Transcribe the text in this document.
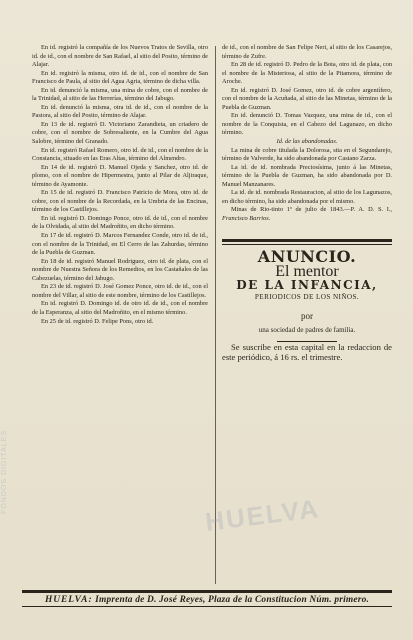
En id. registró la compañía de los Nuevos Tratos de Sevilla, otro id. de id., con el nombre de San Rafael, al sitio del Posito, término de Alajar.

En id. registró la misma, otro id. de id., con el nombre de San Francisco de Paula, al sitio del Agua Agria, término de dicha villa.

En id. denunció la misma, una mina de cobre, con el nombre de la Trinidad, al sitio de las Herrerías, término del Jabugo.

En id. denunció la misma, otra id. de id., con el nombre de la Pastora, al sitio del Posito, término de Alajar.

En 13 de id. registró D. Victoriano Zarandieta, un criadero de cobre, con el nombre de Sobresaliente, en la Cumbre del Agua Salobre, término del Granado.

En id. registró Rafael Romero, otro id. de id., con el nombre de la Constancia, situado en las Eras Altas, término del Almendro.

En 14 de id. registró D. Manuel Ojeda y Sanchez, otro id. de plomo, con el nombre de Hipermestra, junto al Pilar de Aljiraque, término de Ayamonte.

En 15 de id. registró D. Francisco Patricio de Mora, otro id. de cobre, con el nombre de la Recordada, en la Umbria de las Encinas, término de los Castillejos.

En id. registró D. Domingo Ponce, otro id. de id., con el nombre de la Olvidada, al sitio del Madroñito, en dicho término.

En 17 de id. registró D. Marcos Fernandez Conde, otro id. de id., con el nombre de la Trinidad, en El Cerro de las Zahurdas, término de la Puebla de Guzman.

En 18 de id. registró Manuel Rodriguez, otro id. de plata, con el nombre de Nuestra Señora de los Remedios, en los Castañales de las Cabezuelas, término del Jabugo.

En 23 de id. registró D. José Gomez Ponce, otro id. de id., con el nombre del Villar, al sitio de este nombre, término de los Castillejos.

En id. registró D. Domingo id. de otro id. de id., con el nombre de la Esperanza, al sitio del Madroñito, en el mismo término.

En 25 de id. registró D. Felipe Pons, otro id.

de id., con el nombre de San Felipe Neri, al sitio de los Casarejos, término de Zufre.

En 28 de id. registró D. Pedro de la Bota, otro id. de plata, con el nombre de la Misteriosa, al sitio de la Pitamora, término de Aroche.

En id. registró D. José Gomez, otro id. de cobre argentífero, con el nombre de la Acuñada, al sitio de las Minetas, término de la Puebla de Guzman.

En id. denunció D. Tomas Vazquez, una mina de id., con el nombre de la Conquista, en el Cabezo del Lagunazo, en dicho término.

Id. de las abandonadas.

La mina de cobre titulada la Dolorosa, sita en el Segundarejo, término de Valverde, ha sido abandonada por Casiano Zarza.

La id. de id. nombrada Preciosísima, junto á las Minetas, término de la Puebla de Guzman, ha sido abandonada por D. Manuel Manzanares.

La id. de id. nombrada Restauracion, al sitio de los Lagunazos, en dicho término, ha sido abandonada por el mismo.

Minas de Rio-tinto 1º de julio de 1843.—P. A. D. S. I., Francisco Barrios.

ANUNCIO.
El mentor
DE LA INFANCIA,
PERIODICOS DE LOS NIÑOS.
por
una sociedad de padres de familia.

Se suscribe en esta capital en la redaccion de este periódico, á 16 rs. el trimestre.

HUELVA: Imprenta de D. José Reyes, Plaza de la Constitucion Núm. primero.
HUELVA
FONDOS DIGITALES
